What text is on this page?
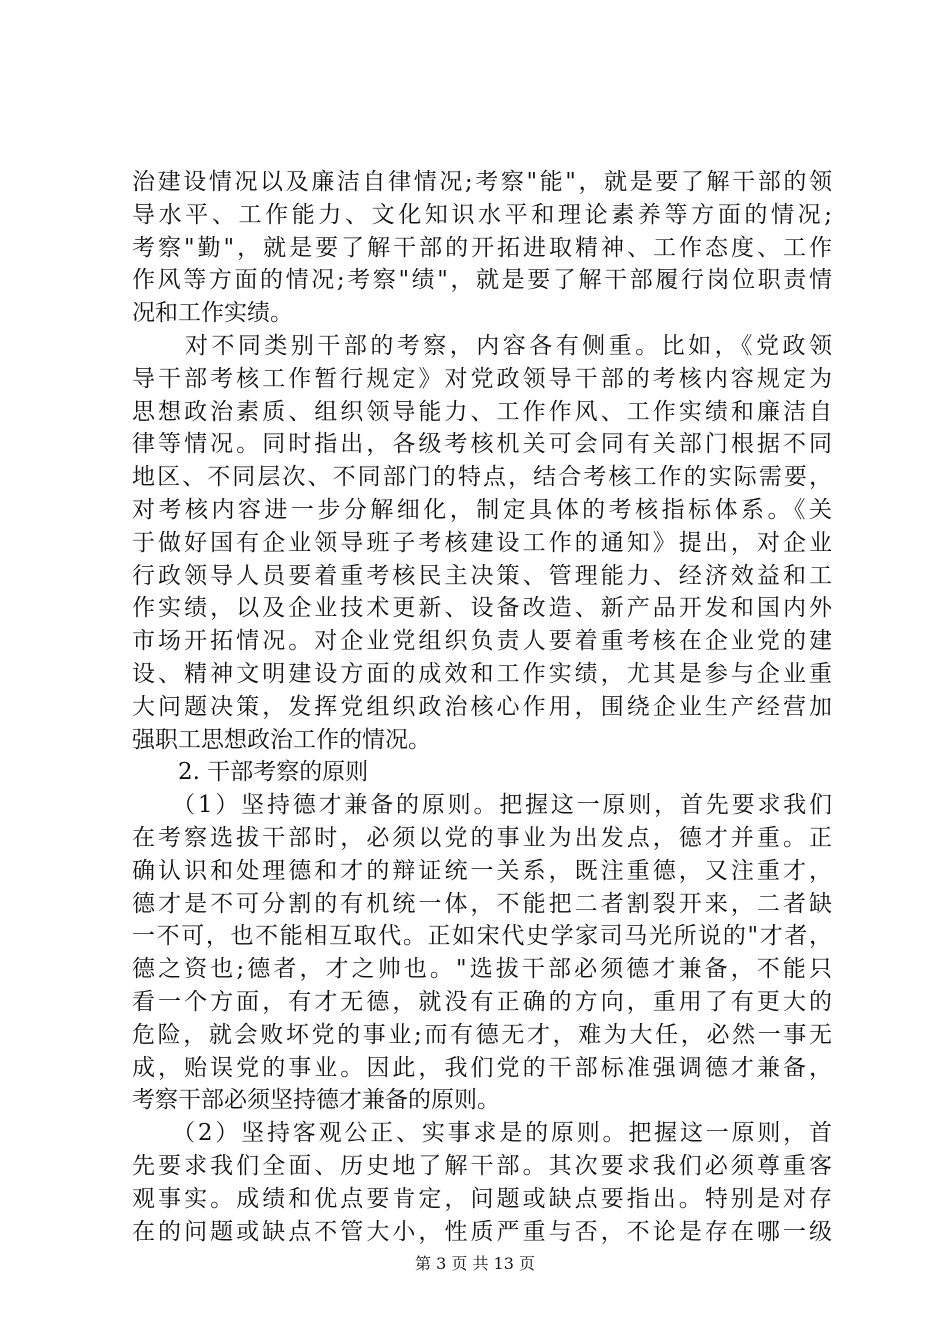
治建设情况以及廉洁自律情况;考察"能"，就是要了解干部的领
导水平、工作能力、文化知识水平和理论素养等方面的情况;
考察"勤"，就是要了解干部的开拓进取精神、工作态度、工作
作风等方面的情况;考察"绩"，就是要了解干部履行岗位职责情
况和工作实绩。
　　对不同类别干部的考察，内容各有侧重。比如，《党政领
导干部考核工作暂行规定》对党政领导干部的考核内容规定为
思想政治素质、组织领导能力、工作作风、工作实绩和廉洁自
律等情况。同时指出，各级考核机关可会同有关部门根据不同
地区、不同层次、不同部门的特点，结合考核工作的实际需要，
对考核内容进一步分解细化，制定具体的考核指标体系。《关
于做好国有企业领导班子考核建设工作的通知》提出，对企业
行政领导人员要着重考核民主决策、管理能力、经济效益和工
作实绩，以及企业技术更新、设备改造、新产品开发和国内外
市场开拓情况。对企业党组织负责人要着重考核在企业党的建
设、精神文明建设方面的成效和工作实绩，尤其是参与企业重
大问题决策，发挥党组织政治核心作用，围绕企业生产经营加
强职工思想政治工作的情况。
　　2. 干部考察的原则
　　（1）坚持德才兼备的原则。把握这一原则，首先要求我们
在考察选拔干部时，必须以党的事业为出发点，德才并重。正
确认识和处理德和才的辩证统一关系，既注重德，又注重才，
德才是不可分割的有机统一体，不能把二者割裂开来，二者缺
一不可，也不能相互取代。正如宋代史学家司马光所说的"才者，
德之资也;德者，才之帅也。"选拔干部必须德才兼备，不能只
看一个方面，有才无德，就没有正确的方向，重用了有更大的
危险，就会败坏党的事业;而有德无才，难为大任，必然一事无
成，贻误党的事业。因此，我们党的干部标准强调德才兼备，
考察干部必须坚持德才兼备的原则。
　　（2）坚持客观公正、实事求是的原则。把握这一原则，首
先要求我们全面、历史地了解干部。其次要求我们必须尊重客
观事实。成绩和优点要肯定，问题或缺点要指出。特别是对存
在的问题或缺点不管大小，性质严重与否，不论是存在哪一级
第 3 页 共 13 页
